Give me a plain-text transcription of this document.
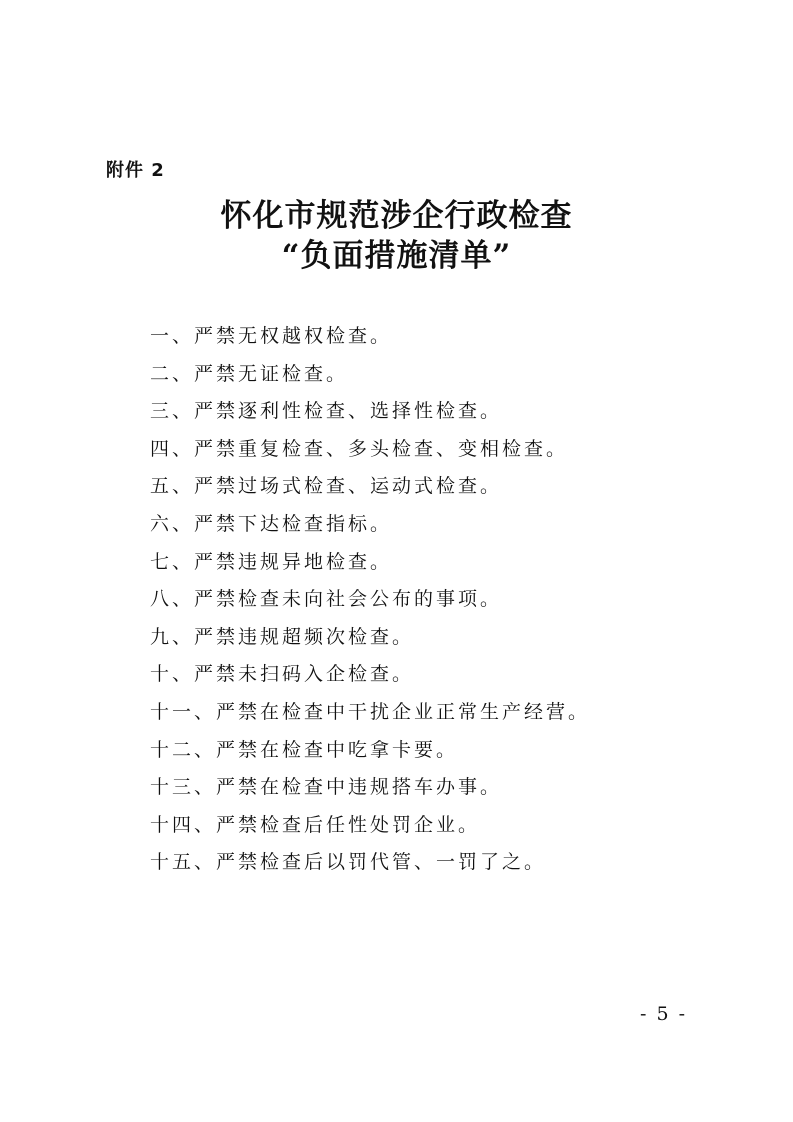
附件 2

怀化市规范涉企行政检查
“负面措施清单”
一、严禁无权越权检查。
二、严禁无证检查。
三、严禁逐利性检查、选择性检查。
四、严禁重复检查、多头检查、变相检查。
五、严禁过场式检查、运动式检查。
六、严禁下达检查指标。
七、严禁违规异地检查。
八、严禁检查未向社会公布的事项。
九、严禁违规超频次检查。
十、严禁未扫码入企检查。
十一、严禁在检查中干扰企业正常生产经营。
十二、严禁在检查中吃拿卡要。
十三、严禁在检查中违规搭车办事。
十四、严禁检查后任性处罚企业。
十五、严禁检查后以罚代管、一罚了之。
- 5 -
